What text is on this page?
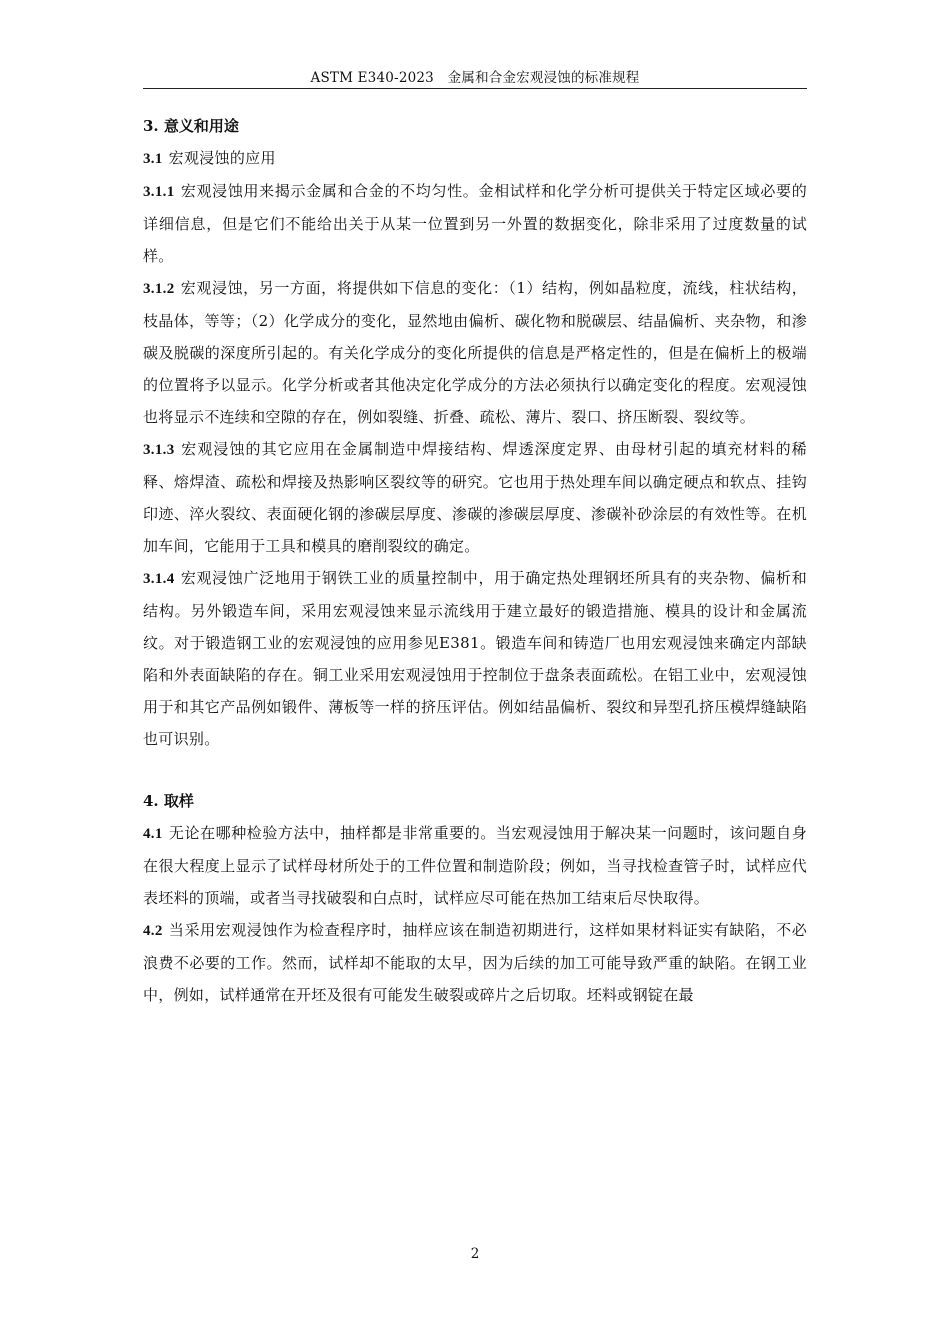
ASTM E340-2023　金属和合金宏观浸蚀的标准规程
3. 意义和用途

3.1 宏观浸蚀的应用

3.1.1 宏观浸蚀用来揭示金属和合金的不均匀性。金相试样和化学分析可提供关于特定区域必要的详细信息，但是它们不能给出关于从某一位置到另一外置的数据变化，除非采用了过度数量的试样。

3.1.2 宏观浸蚀，另一方面，将提供如下信息的变化：（1）结构，例如晶粒度，流线，柱状结构，枝晶体，等等；（2）化学成分的变化，显然地由偏析、碳化物和脱碳层、结晶偏析、夹杂物，和渗碳及脱碳的深度所引起的。有关化学成分的变化所提供的信息是严格定性的，但是在偏析上的极端的位置将予以显示。化学分析或者其他决定化学成分的方法必须执行以确定变化的程度。宏观浸蚀也将显示不连续和空隙的存在，例如裂缝、折叠、疏松、薄片、裂口、挤压断裂、裂纹等。

3.1.3 宏观浸蚀的其它应用在金属制造中焊接结构、焊透深度定界、由母材引起的填充材料的稀释、熔焊渣、疏松和焊接及热影响区裂纹等的研究。它也用于热处理车间以确定硬点和软点、挂钩印迹、淬火裂纹、表面硬化钢的渗碳层厚度、渗碳的渗碳层厚度、渗碳补砂涂层的有效性等。在机加车间，它能用于工具和模具的磨削裂纹的确定。

3.1.4 宏观浸蚀广泛地用于钢铁工业的质量控制中，用于确定热处理钢坯所具有的夹杂物、偏析和结构。另外锻造车间，采用宏观浸蚀来显示流线用于建立最好的锻造措施、模具的设计和金属流纹。对于锻造钢工业的宏观浸蚀的应用参见E381。锻造车间和铸造厂也用宏观浸蚀来确定内部缺陷和外表面缺陷的存在。铜工业采用宏观浸蚀用于控制位于盘条表面疏松。在铝工业中，宏观浸蚀用于和其它产品例如锻件、薄板等一样的挤压评估。例如结晶偏析、裂纹和异型孔挤压模焊缝缺陷也可识别。

4. 取样

4.1 无论在哪种检验方法中，抽样都是非常重要的。当宏观浸蚀用于解决某一问题时，该问题自身在很大程度上显示了试样母材所处于的工件位置和制造阶段；例如，当寻找检查管子时，试样应代表坯料的顶端，或者当寻找破裂和白点时，试样应尽可能在热加工结束后尽快取得。

4.2 当采用宏观浸蚀作为检查程序时，抽样应该在制造初期进行，这样如果材料证实有缺陷，不必浪费不必要的工作。然而，试样却不能取的太早，因为后续的加工可能导致严重的缺陷。在钢工业中，例如，试样通常在开坯及很有可能发生破裂或碎片之后切取。坯料或钢锭在最

2
